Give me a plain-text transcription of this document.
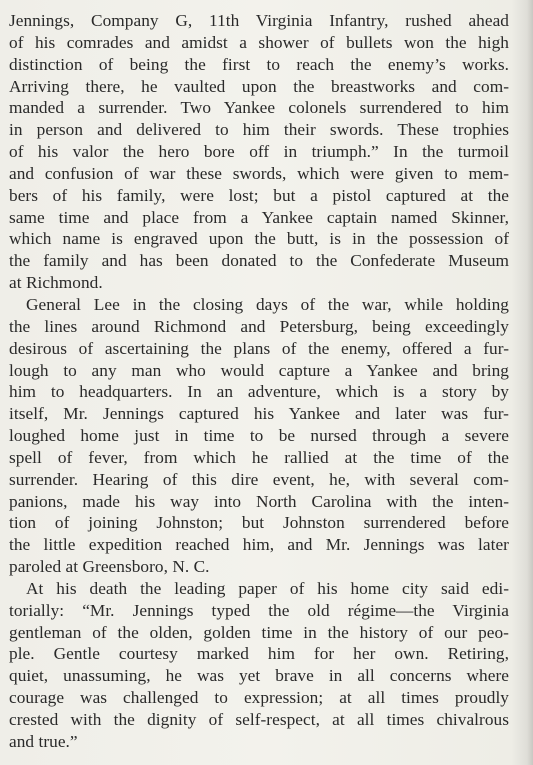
Jennings, Company G, 11th Virginia Infantry, rushed ahead
of his comrades and amidst a shower of bullets won the high
distinction of being the first to reach the enemy’s works.
Arriving there, he vaulted upon the breastworks and com-
manded a surrender. Two Yankee colonels surrendered to him
in person and delivered to him their swords. These trophies
of his valor the hero bore off in triumph.” In the turmoil
and confusion of war these swords, which were given to mem-
bers of his family, were lost; but a pistol captured at the
same time and place from a Yankee captain named Skinner,
which name is engraved upon the butt, is in the possession of
the family and has been donated to the Confederate Museum
at Richmond.
General Lee in the closing days of the war, while holding
the lines around Richmond and Petersburg, being exceedingly
desirous of ascertaining the plans of the enemy, offered a fur-
lough to any man who would capture a Yankee and bring
him to headquarters. In an adventure, which is a story by
itself, Mr. Jennings captured his Yankee and later was fur-
loughed home just in time to be nursed through a severe
spell of fever, from which he rallied at the time of the
surrender. Hearing of this dire event, he, with several com-
panions, made his way into North Carolina with the inten-
tion of joining Johnston; but Johnston surrendered before
the little expedition reached him, and Mr. Jennings was later
paroled at Greensboro, N. C.
At his death the leading paper of his home city said edi-
torially: “Mr. Jennings typed the old régime—the Virginia
gentleman of the olden, golden time in the history of our peo-
ple. Gentle courtesy marked him for her own. Retiring,
quiet, unassuming, he was yet brave in all concerns where
courage was challenged to expression; at all times proudly
crested with the dignity of self-respect, at all times chivalrous
and true.”
